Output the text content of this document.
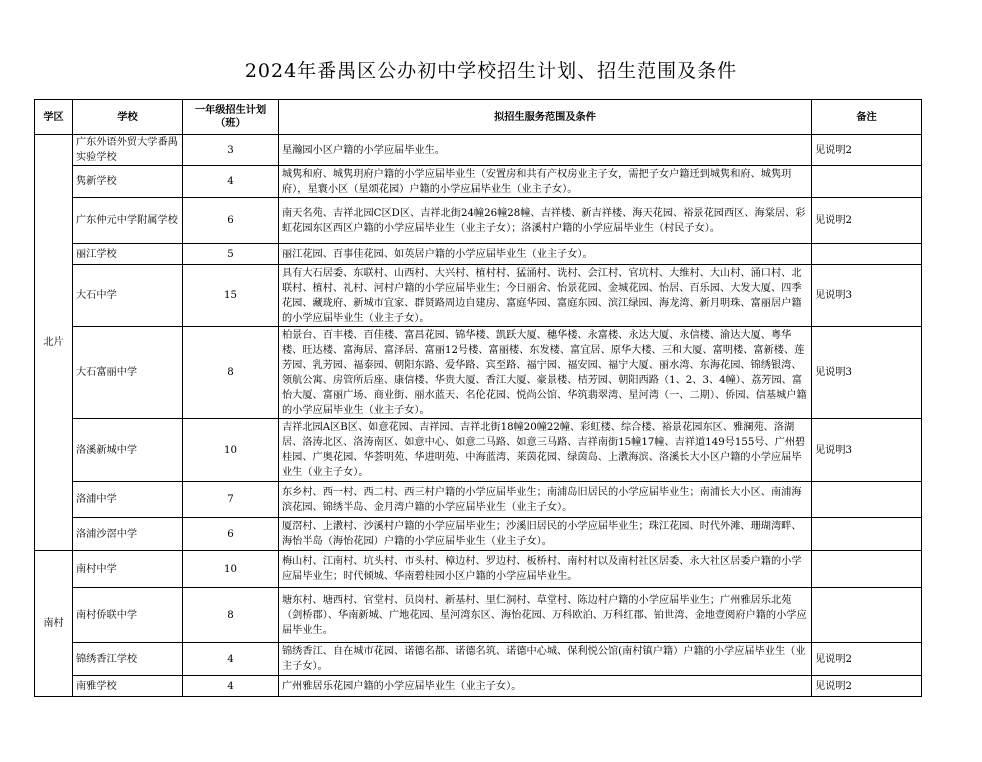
2024年番禺区公办初中学校招生计划、招生范围及条件
学区	学校	一年级招生计划（班）	拟招生服务范围及条件	备注
北片	广东外语外贸大学番禺实验学校	3	星瀚园小区户籍的小学应届毕业生。	见说明2
	隽新学校	4	城隽和府、城隽玥府户籍的小学应届毕业生（安置房和共有产权房业主子女，需把子女户籍迁到城隽和府、城隽玥府），星寰小区（星颂花园）户籍的小学应届毕业生（业主子女）。	
	广东仲元中学附属学校	6	南天名苑、吉祥北园C区D区、吉祥北街24幢26幢28幢、吉祥楼、新吉祥楼、海天花园、裕景花园西区、海棠居、彩虹花园东区西区户籍的小学应届毕业生（业主子女）；洛溪村户籍的小学应届毕业生（村民子女）。	见说明2
	丽江学校	5	丽江花园、百事佳花园、如英居户籍的小学应届毕业生（业主子女）。	
	大石中学	15	具有大石居委、东联村、山西村、大兴村、植村村、猛涌村、诜村、会江村、官坑村、大维村、大山村、涌口村、北联村、植村、礼村、河村户籍的小学应届毕业生；今日丽舍、怡景花园、金城花园、怡居、百乐园、大发大厦、四季花园、藏珑府、新城市宜家、群贤路周边自建房、富庭华园、富庭东园、滨江绿园、海龙湾、新月明珠、富丽居户籍的小学应届毕业生（业主子女）。	见说明3
	大石富丽中学	8	柏景台、百丰楼、百佳楼、富昌花园、锦华楼、凯跃大厦、穗华楼、永富楼、永达大厦、永信楼、渝达大厦、粤华楼、旺达楼、富海居、富泽居、富丽12号楼、富丽楼、东发楼、富宜居、原华大楼、三和大厦、富明楼、富新楼、莲芳园、乳芳园、福泰园、朝阳东路、爱华路、宾至路、福宁园、福安园、福宁大厦、丽水湾、东海花园、锦绣银湾、领航公寓、房管所后座、康信楼、华贵大厦、香江大厦、豪景楼、桔芳园、朝阳西路（1、2、3、4幢）、荔芳园、富怡大厦、富丽广场、商业街、丽水蓝天、名伦花园、悦尚公馆、华筑翡翠湾、星河湾（一、二期）、侨园、信基城户籍的小学应届毕业生（业主子女）。	见说明3
	洛溪新城中学	10	吉祥北园A区B区、如意花园、吉祥园、吉祥北街18幢20幢22幢、彩虹楼、综合楼、裕景花园东区、雅澜苑、洛湖居、洛涛北区、洛涛南区、如意中心、如意二马路、如意三马路、吉祥南街15幢17幢、吉祥道149号155号、广州碧桂园、广奥花园、华荟明苑、华进明苑、中海蓝湾、莱茵花园、绿茵岛、上漖海滨、洛溪长大小区户籍的小学应届毕业生（业主子女）。	见说明3
	洛浦中学	7	东乡村、西一村、西二村、西三村户籍的小学应届毕业生；南浦岛旧居民的小学应届毕业生；南浦长大小区、南浦海滨花园、锦绣半岛、金月湾户籍的小学应届毕业生（业主子女）。	
	洛浦沙滘中学	6	厦滘村、上漖村、沙溪村户籍的小学应届毕业生；沙溪旧居民的小学应届毕业生；珠江花园、时代外滩、珊瑚湾畔、海怡半岛（海怡花园）户籍的小学应届毕业生（业主子女）。	
南村	南村中学	10	梅山村、江南村、坑头村、市头村、樟边村、罗边村、板桥村、南村村以及南村社区居委、永大社区居委户籍的小学应届毕业生；时代倾城、华南碧桂园小区户籍的小学应届毕业生。	
	南村侨联中学	8	塘东村、塘西村、官堂村、员岗村、新基村、里仁洞村、草堂村、陈边村户籍的小学应届毕业生；广州雅居乐北苑（剑桥郡）、华南新城、广地花园、星河湾东区、海怡花园、万科欧泊、万科红郡、铂世湾、金地壹阅府户籍的小学应届毕业生。	
	锦绣香江学校	4	锦绣香江、自在城市花园、诺德名都、诺德名筑、诺德中心城、保利悦公馆(南村镇户籍）户籍的小学应届毕业生（业主子女）。	见说明2
	南雅学校	4	广州雅居乐花园户籍的小学应届毕业生（业主子女）。	见说明2
